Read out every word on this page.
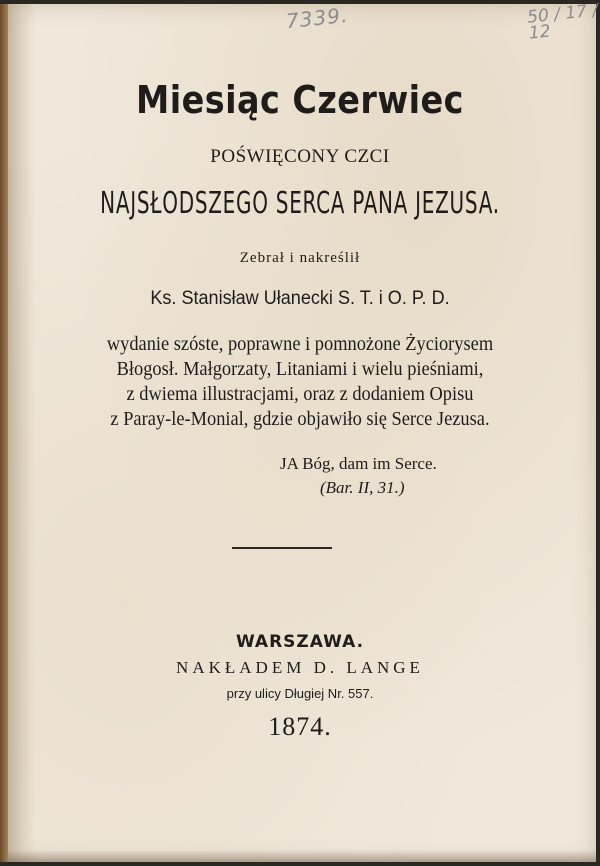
7339.	50 / 17 / 12
Miesiąc Czerwiec
POŚWIĘCONY CZCI
NAJSŁODSZEGO SERCA PANA JEZUSA.
Zebrał i nakreślił
Ks. Stanisław Ułanecki S. T. i O. P. D.
wydanie szóste, poprawne i pomnożone Życiorysem
Błogosł. Małgorzaty, Litaniami i wielu pieśniami,
z dwiema illustracjami, oraz z dodaniem Opisu
z Paray-le-Monial, gdzie objawiło się Serce Jezusa.
JA Bóg, dam im Serce.
(Bar. II, 31.)
WARSZAWA.
NAKŁADEM D. LANGE
przy ulicy Długiej Nr. 557.
1874.
